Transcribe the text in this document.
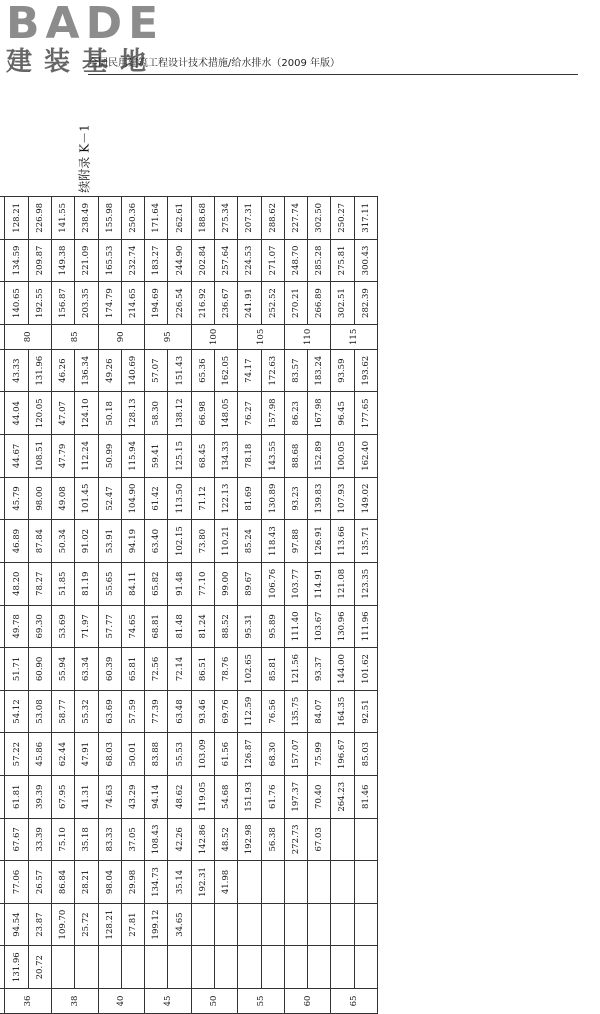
BADE
建装基地
全国民用建筑工程设计技术措施/给水排水（2009 年版）
续附录 K－1

36	131.96	94.54	77.06	67.67	61.81	57.22	54.12	51.71	49.78	48.20	46.89	45.79	44.67	44.04	43.33	80	140.65	134.59	128.21
	20.72	23.87	26.57	33.39	39.39	45.86	53.08	60.90	69.30	78.27	87.84	98.00	108.51	120.05	131.96		192.55	209.87	226.98
38		109.70	86.84	75.10	67.95	62.44	58.77	55.94	53.69	51.85	50.34	49.08	47.79	47.07	46.26	85	156.87	149.38	141.55
		25.72	28.21	35.18	41.31	47.91	55.32	63.34	71.97	81.19	91.02	101.45	112.24	124.10	136.34		203.35	221.09	238.49
40		128.21	98.04	83.33	74.63	68.03	63.69	60.39	57.77	55.65	53.91	52.47	50.99	50.18	49.26	90	174.79	165.53	155.98
		27.81	29.98	37.05	43.29	50.01	57.59	65.81	74.65	84.11	94.19	104.90	115.94	128.13	140.69		214.65	232.74	250.36
45		199.12	134.73	108.43	94.14	83.88	77.39	72.56	68.81	65.82	63.40	61.42	59.41	58.30	57.07	95	194.69	183.27	171.64
		34.65	35.14	42.26	48.62	55.53	63.48	72.14	81.48	91.48	102.15	113.50	125.15	138.12	151.43		226.54	244.90	262.61
50			192.31	142.86	119.05	103.09	93.46	86.51	81.24	77.10	73.80	71.12	68.45	66.98	65.36	100	216.92	202.84	188.68
			41.98	48.52	54.68	61.56	69.76	78.76	88.52	99.00	110.21	122.13	134.33	148.05	162.05		236.67	257.64	275.34
55				192.98	151.93	126.87	112.59	102.65	95.31	89.67	85.24	81.69	78.18	76.27	74.17	105	241.91	224.53	207.31
				56.38	61.76	68.30	76.56	85.81	95.89	106.76	118.43	130.89	143.55	157.98	172.63		252.52	271.07	288.62
60				272.73	197.37	157.07	135.75	121.56	111.40	103.77	97.88	93.23	88.68	86.23	83.57	110	270.21	248.70	227.74
				67.03	70.40	75.99	84.07	93.37	103.67	114.91	126.91	139.83	152.89	167.98	183.24		266.89	285.28	302.50
65					264.23	196.67	164.35	144.00	130.96	121.08	113.66	107.93	100.05	96.45	93.59	115	302.51	275.81	250.27
					81.46	85.03	92.51	101.62	111.96	123.35	135.71	149.02	162.40	177.65	193.62		282.39	300.43	317.11
